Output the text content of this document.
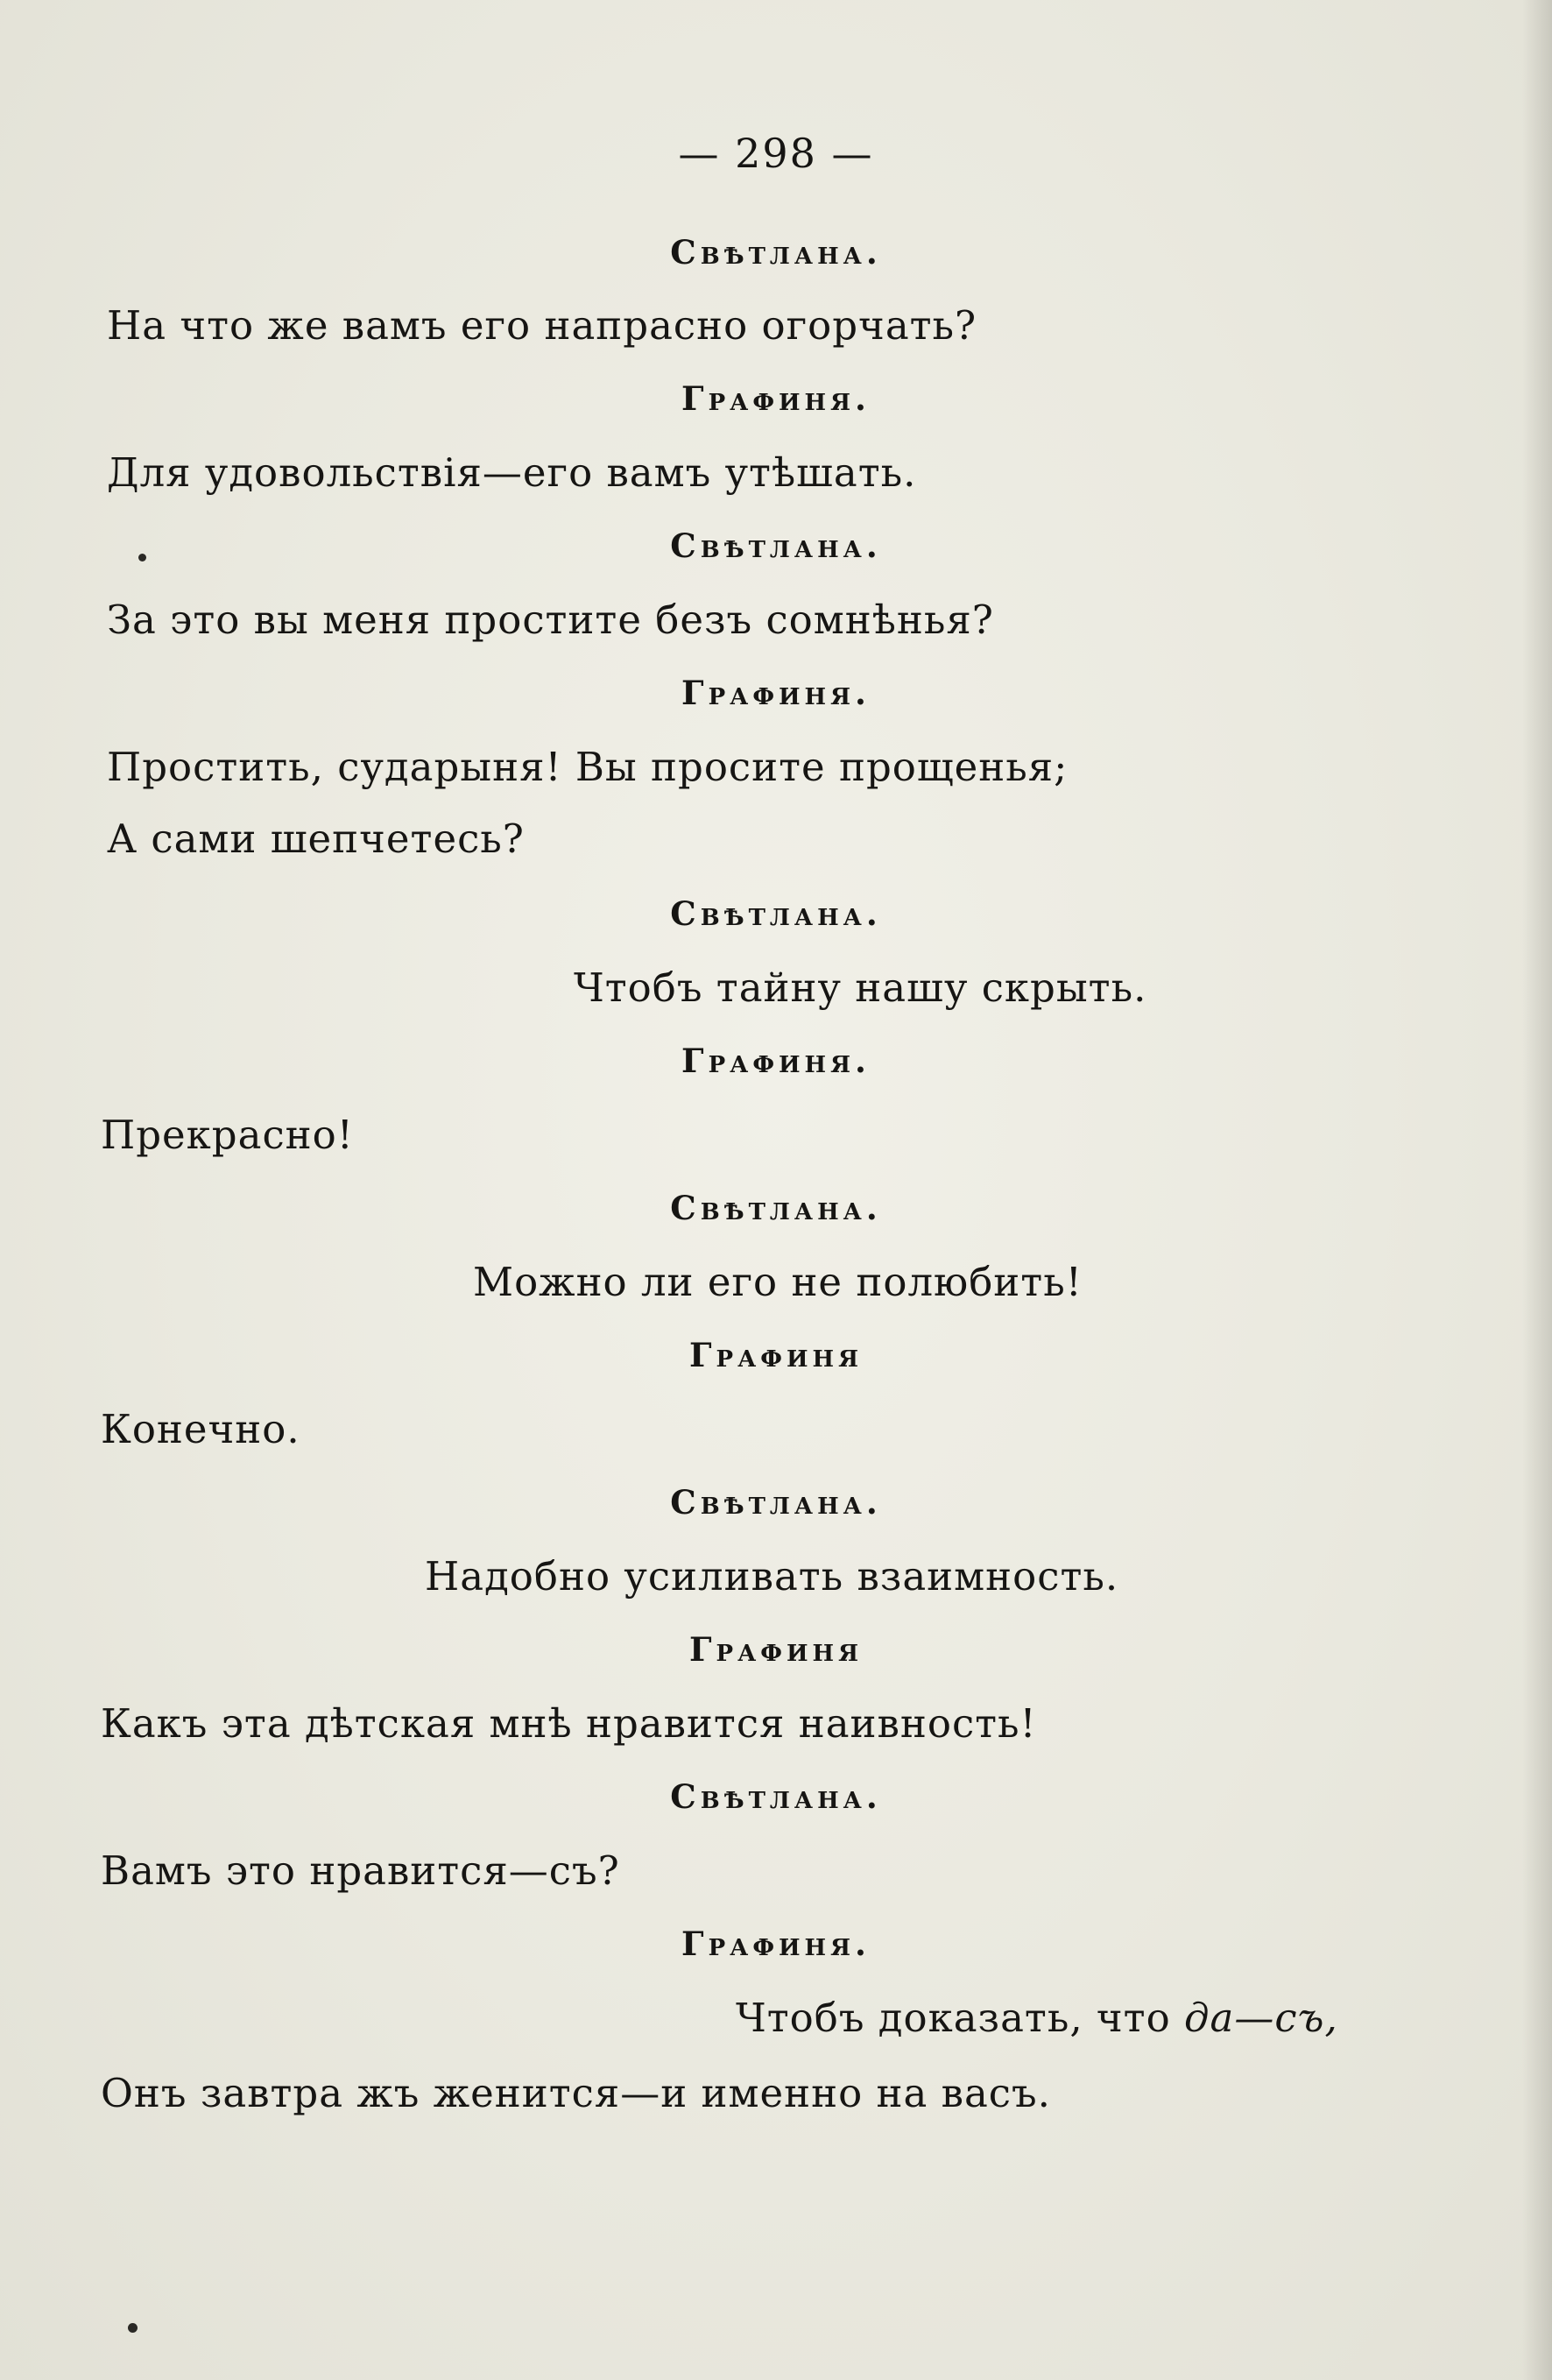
— 298 —
Свѣтлана.
На что же вамъ его напрасно огорчать?
Графиня.
Для удовольствія—его вамъ утѣшать.
Свѣтлана.
За это вы меня простите безъ сомнѣнья?
Графиня.
Простить, сударыня! Вы просите прощенья;
А сами шепчетесь?
Свѣтлана.
Чтобъ тайну нашу скрыть.
Графиня.
Прекрасно!
Свѣтлана.
Можно ли его не полюбить!
Графиня
Конечно.
Свѣтлана.
Надобно усиливать взаимность.
Графиня
Какъ эта дѣтская мнѣ нравится наивность!
Свѣтлана.
Вамъ это нравится—съ?
Графиня.
Чтобъ доказать, что да—съ,
Онъ завтра жъ женится—и именно на васъ.
